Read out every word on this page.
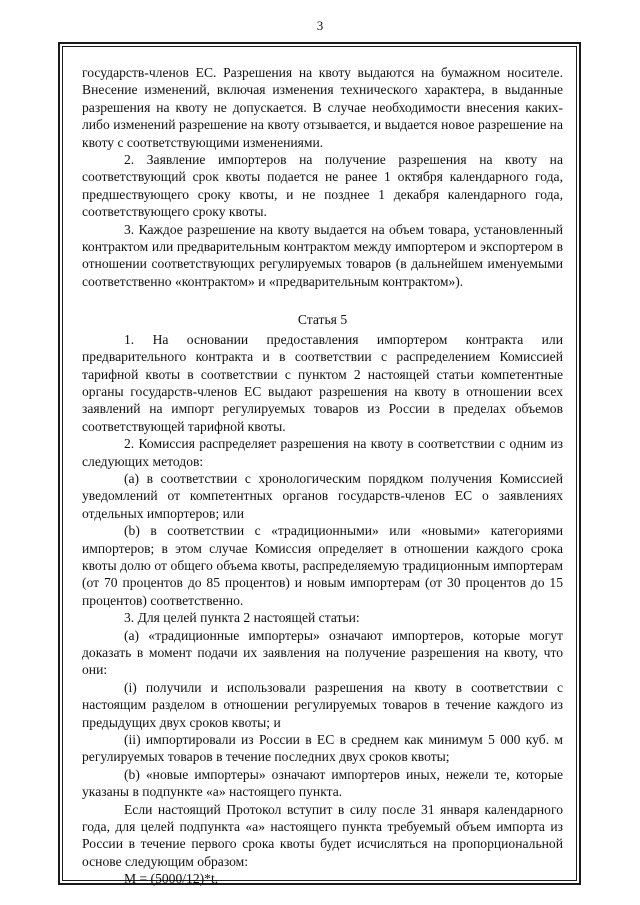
3

государств-членов ЕС. Разрешения на квоту выдаются на бумажном носителе. Внесение изменений, включая изменения технического характера, в выданные разрешения на квоту не допускается. В случае необходимости внесения каких-либо изменений разрешение на квоту отзывается, и выдается новое разрешение на квоту с соответствующими изменениями.

2. Заявление импортеров на получение разрешения на квоту на соответствующий срок квоты подается не ранее 1 октября календарного года, предшествующего сроку квоты, и не позднее 1 декабря календарного года, соответствующего сроку квоты.

3. Каждое разрешение на квоту выдается на объем товара, установленный контрактом или предварительным контрактом между импортером и экспортером в отношении соответствующих регулируемых товаров (в дальнейшем именуемыми соответственно «контрактом» и «предварительным контрактом»).

Статья 5

1. На основании предоставления импортером контракта или предварительного контракта и в соответствии с распределением Комиссией тарифной квоты в соответствии с пунктом 2 настоящей статьи компетентные органы государств-членов ЕС выдают разрешения на квоту в отношении всех заявлений на импорт регулируемых товаров из России в пределах объемов соответствующей тарифной квоты.

2. Комиссия распределяет разрешения на квоту в соответствии с одним из следующих методов:

(a) в соответствии с хронологическим порядком получения Комиссией уведомлений от компетентных органов государств-членов ЕС о заявлениях отдельных импортеров; или

(b) в соответствии с «традиционными» или «новыми» категориями импортеров; в этом случае Комиссия определяет в отношении каждого срока квоты долю от общего объема квоты, распределяемую традиционным импортерам (от 70 процентов до 85 процентов) и новым импортерам (от 30 процентов до 15 процентов) соответственно.

3. Для целей пункта 2 настоящей статьи:

(a) «традиционные импортеры» означают импортеров, которые могут доказать в момент подачи их заявления на получение разрешения на квоту, что они:

(i) получили и использовали разрешения на квоту в соответствии с настоящим разделом в отношении регулируемых товаров в течение каждого из предыдущих двух сроков квоты; и

(ii) импортировали из России в ЕС в среднем как минимум 5 000 куб. м регулируемых товаров в течение последних двух сроков квоты;

(b) «новые импортеры» означают импортеров иных, нежели те, которые указаны в подпункте «а» настоящего пункта.

Если настоящий Протокол вступит в силу после 31 января календарного года, для целей подпункта «а» настоящего пункта требуемый объем импорта из России в течение первого срока квоты будет исчисляться на пропорциональной основе следующим образом:

M = (5000/12)*t,
